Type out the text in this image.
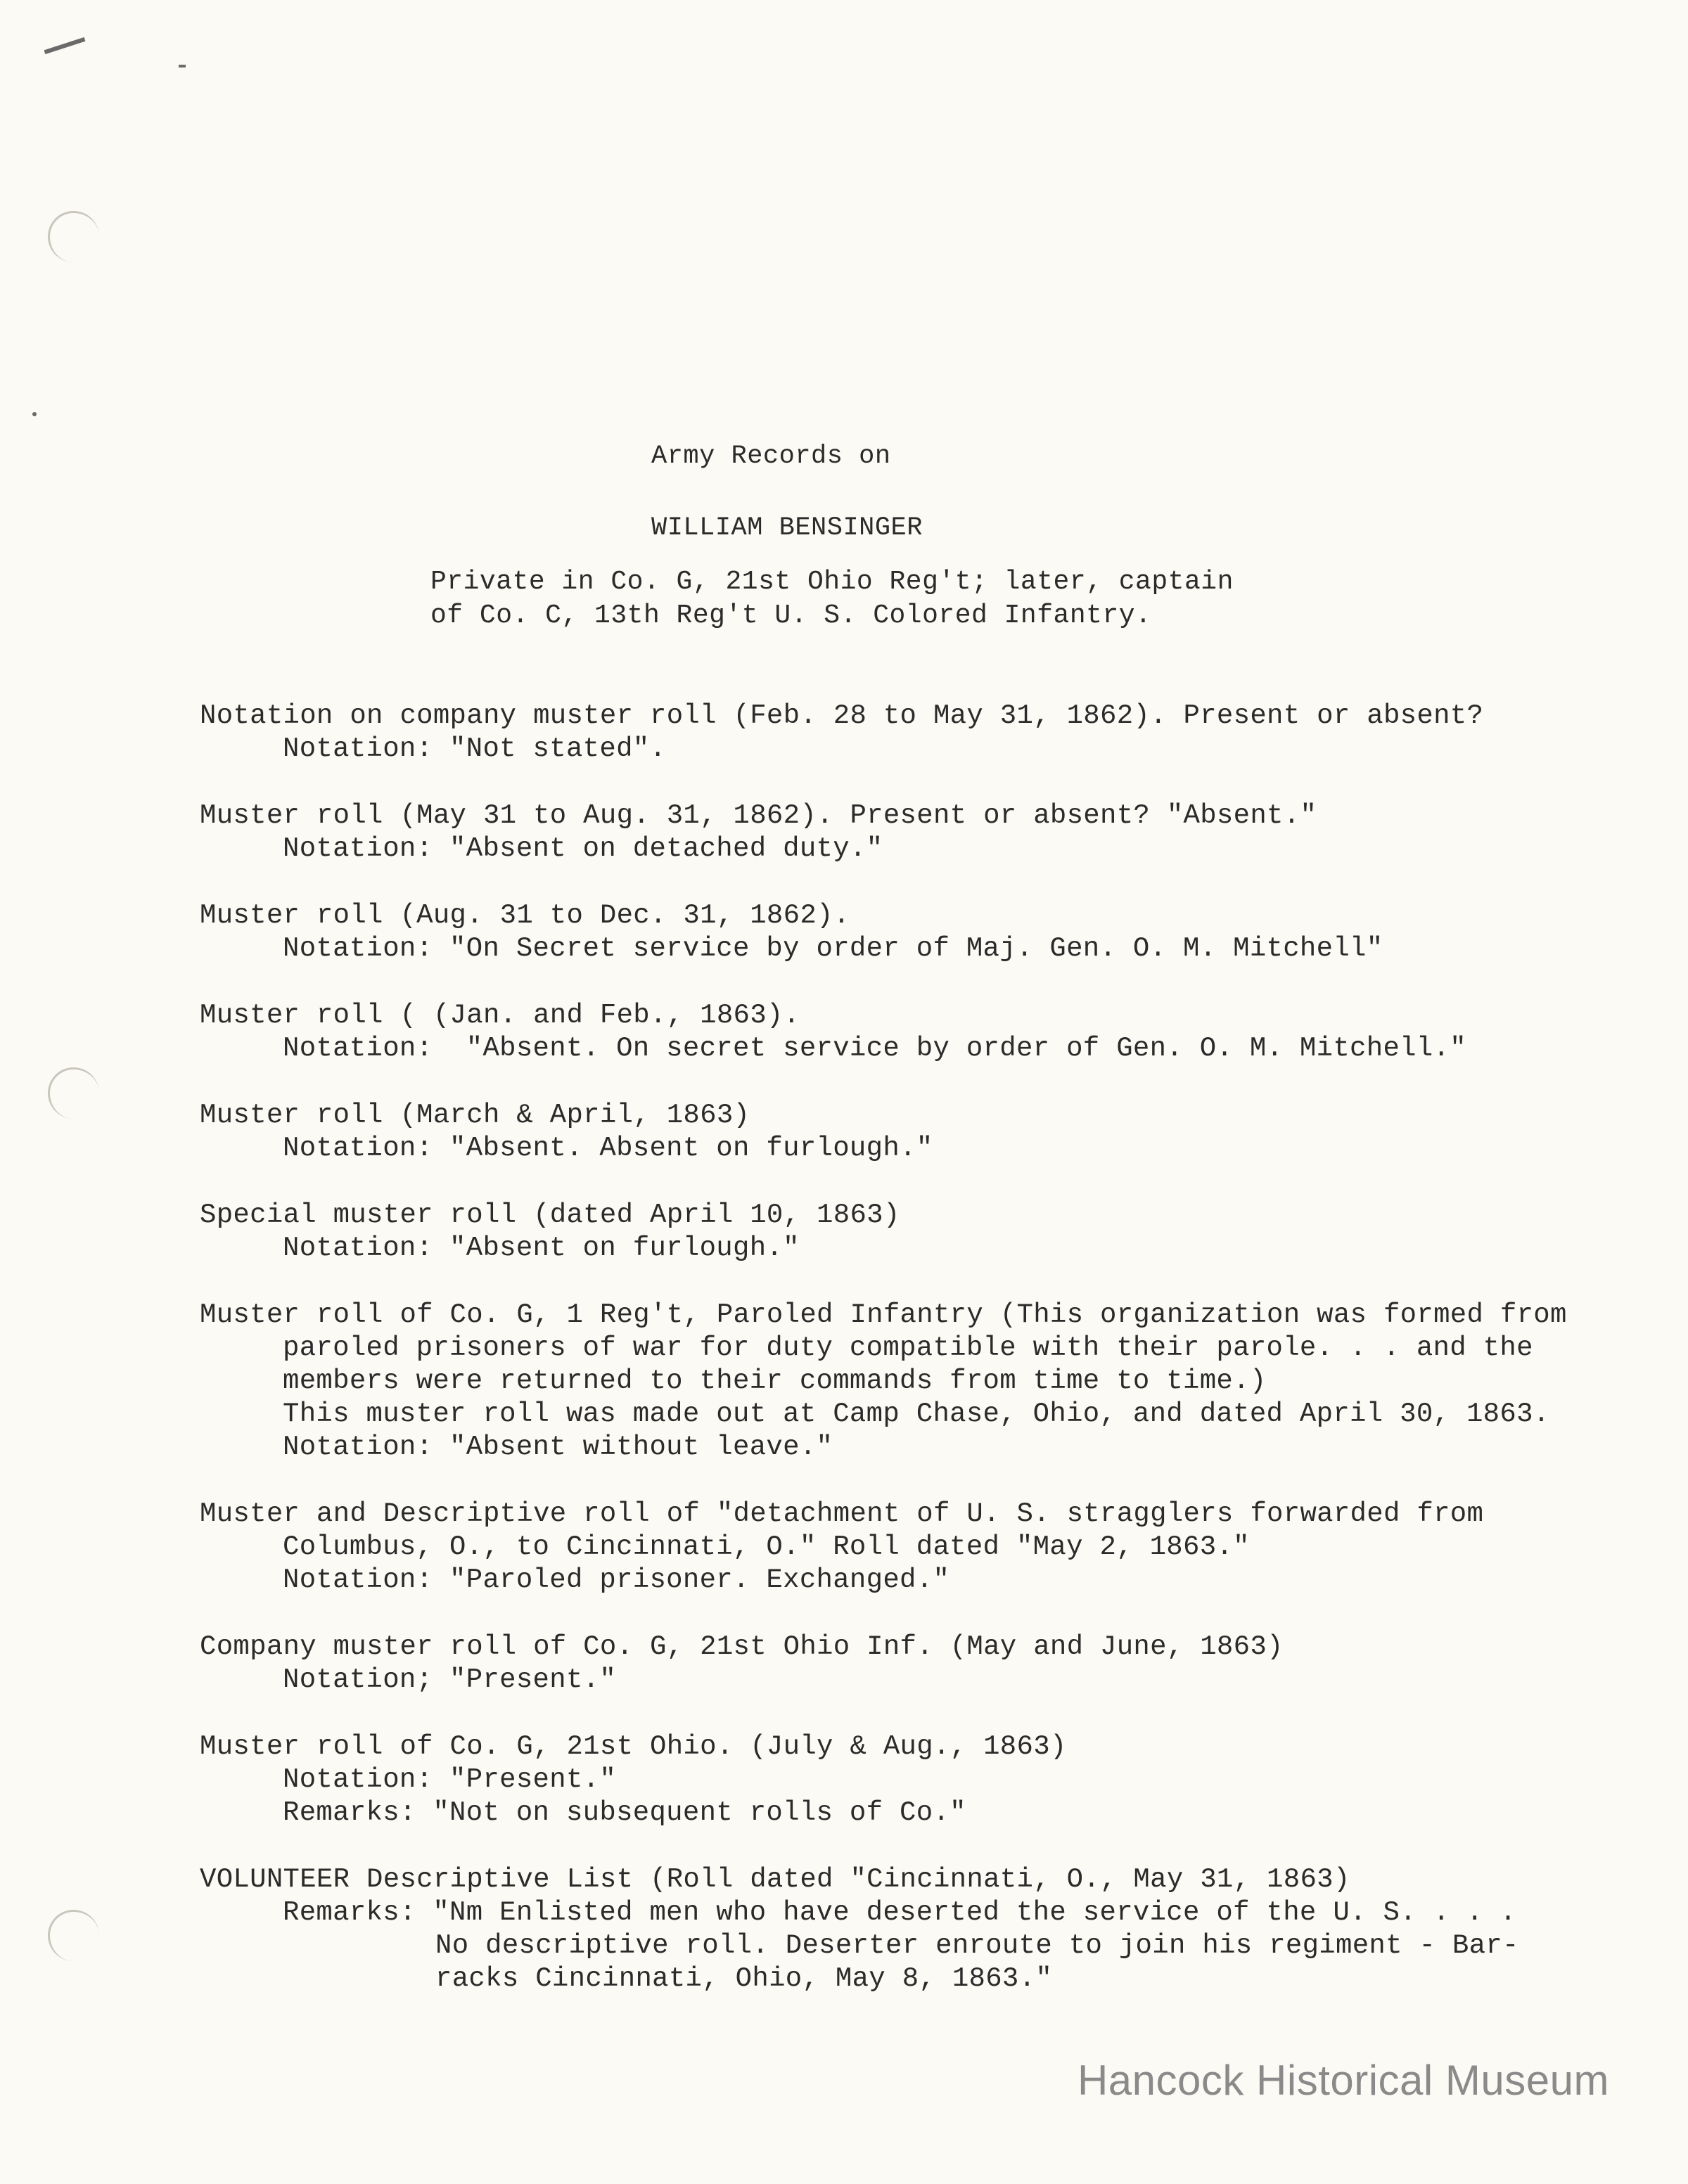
Army Records on
WILLIAM BENSINGER
Private in Co. G, 21st Ohio Reg't; later, captain
of Co. C, 13th Reg't U. S. Colored Infantry.
Notation on company muster roll (Feb. 28 to May 31, 1862). Present or absent?
Notation: "Not stated".
Muster roll (May 31 to Aug. 31, 1862). Present or absent? "Absent."
Notation: "Absent on detached duty."
Muster roll (Aug. 31 to Dec. 31, 1862).
Notation: "On Secret service by order of Maj. Gen. O. M. Mitchell"
Muster roll ( (Jan. and Feb., 1863).
Notation:  "Absent. On secret service by order of Gen. O. M. Mitchell."
Muster roll (March & April, 1863)
Notation: "Absent. Absent on furlough."
Special muster roll (dated April 10, 1863)
Notation: "Absent on furlough."
Muster roll of Co. G, 1 Reg't, Paroled Infantry (This organization was formed from
paroled prisoners of war for duty compatible with their parole. . . and the
members were returned to their commands from time to time.)
This muster roll was made out at Camp Chase, Ohio, and dated April 30, 1863.
Notation: "Absent without leave."
Muster and Descriptive roll of "detachment of U. S. stragglers forwarded from
Columbus, O., to Cincinnati, O." Roll dated "May 2, 1863."
Notation: "Paroled prisoner. Exchanged."
Company muster roll of Co. G, 21st Ohio Inf. (May and June, 1863)
Notation; "Present."
Muster roll of Co. G, 21st Ohio. (July & Aug., 1863)
Notation: "Present."
Remarks: "Not on subsequent rolls of Co."
VOLUNTEER Descriptive List (Roll dated "Cincinnati, O., May 31, 1863)
Remarks: "Nm Enlisted men who have deserted the service of the U. S. . . .
No descriptive roll. Deserter enroute to join his regiment - Bar-
racks Cincinnati, Ohio, May 8, 1863."
Hancock Historical Museum
